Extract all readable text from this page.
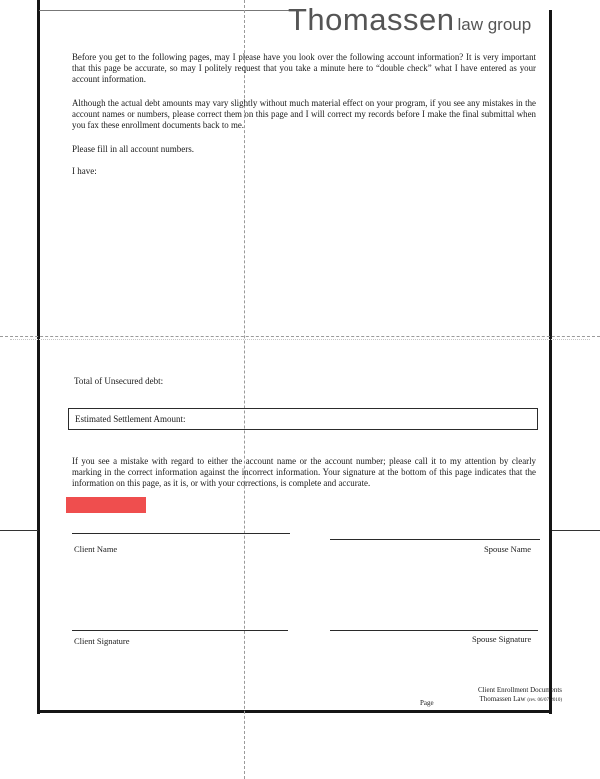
Thomassen law group

Before you get to the following pages, may I please have you look over the following account information? It is very important that this page be accurate, so may I politely request that you take a minute here to “double check” what I have entered as your account information.

Although the actual debt amounts may vary slightly without much material effect on your program, if you see any mistakes in the account names or numbers, please correct them on this page and I will correct my records before I make the final submittal when you fax these enrollment documents back to me.

Please fill in all account numbers.
I have:
Total of Unsecured debt:
Estimated Settlement Amount:

If you see a mistake with regard to either the account name or the account number; please call it to my attention by clearly marking in the correct information against the incorrect information. Your signature at the bottom of this page indicates that the information on this page, as it is, or with your corrections, is complete and accurate.

Client Name	Spouse Name
Client Signature	Spouse Signature
Page
Client Enrollment Documents
Thomassen Law (rev. 06/07/2010)
